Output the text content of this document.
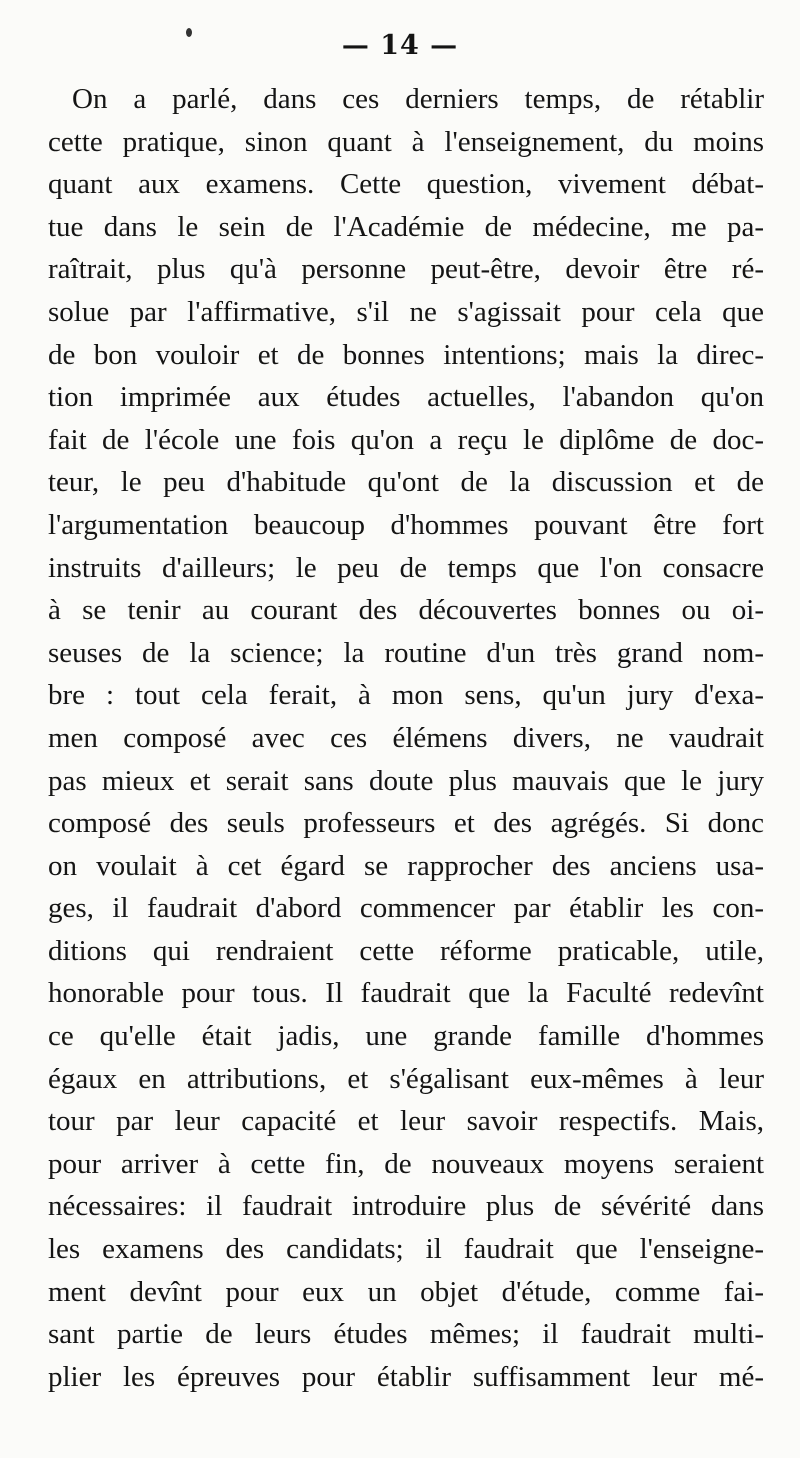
— 14 —
On a parlé, dans ces derniers temps, de rétablir
cette pratique, sinon quant à l'enseignement, du moins
quant aux examens. Cette question, vivement débat-
tue dans le sein de l'Académie de médecine, me pa-
raîtrait, plus qu'à personne peut-être, devoir être ré-
solue par l'affirmative, s'il ne s'agissait pour cela que
de bon vouloir et de bonnes intentions; mais la direc-
tion imprimée aux études actuelles, l'abandon qu'on
fait de l'école une fois qu'on a reçu le diplôme de doc-
teur, le peu d'habitude qu'ont de la discussion et de
l'argumentation beaucoup d'hommes pouvant être fort
instruits d'ailleurs; le peu de temps que l'on consacre
à se tenir au courant des découvertes bonnes ou oi-
seuses de la science; la routine d'un très grand nom-
bre : tout cela ferait, à mon sens, qu'un jury d'exa-
men composé avec ces élémens divers, ne vaudrait
pas mieux et serait sans doute plus mauvais que le jury
composé des seuls professeurs et des agrégés. Si donc
on voulait à cet égard se rapprocher des anciens usa-
ges, il faudrait d'abord commencer par établir les con-
ditions qui rendraient cette réforme praticable, utile,
honorable pour tous. Il faudrait que la Faculté redevînt
ce qu'elle était jadis, une grande famille d'hommes
égaux en attributions, et s'égalisant eux-mêmes à leur
tour par leur capacité et leur savoir respectifs. Mais,
pour arriver à cette fin, de nouveaux moyens seraient
nécessaires: il faudrait introduire plus de sévérité dans
les examens des candidats; il faudrait que l'enseigne-
ment devînt pour eux un objet d'étude, comme fai-
sant partie de leurs études mêmes; il faudrait multi-
plier les épreuves pour établir suffisamment leur mé-
